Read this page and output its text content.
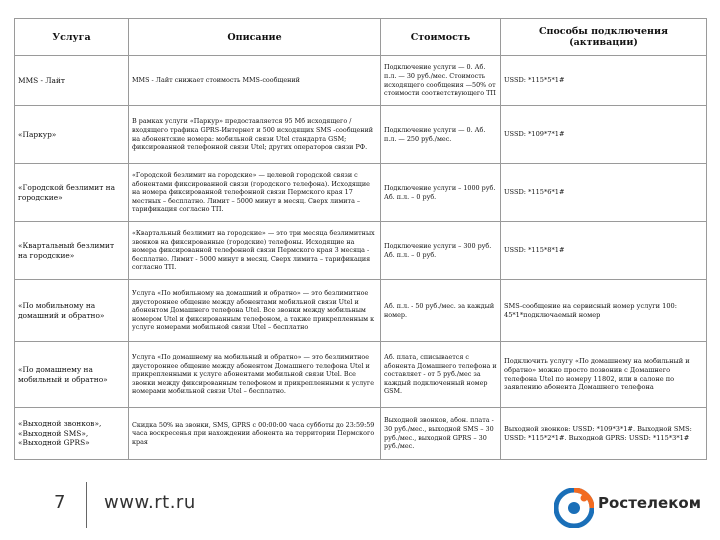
Услуга	Описание	Стоимость	Способы подключения (активации)
MMS - Лайт	MMS - Лайт снижает стоимость MMS-сообщений	Подключение услуги — 0. Аб. п.л. — 30 руб./мес. Стоимость исходящего сообщения —50% от стоимости соответствующего ТП	USSD: *115*5*1#
«Паркур»	В рамках услуги «Паркур» предоставляется 95 Мб исходящего / входящего трафика GPRS-Интернет и 500 исходящих SMS -сообщений на абонентские номера: мобильной связи Utel стандарта GSM; фиксированной телефонной связи Utel; других операторов связи РФ.	Подключение услуги — 0. Аб. п.л. — 250 руб./мес.	USSD: *109*7*1#
«Городской безлимит на городские»	«Городской безлимит на городские» — целевой городской связи с абонентами фиксированной связи (городского телефона). Исходящие на номера фиксированной телефонной связи Пермского края 17 местных – бесплатно. Лимит – 5000 минут в месяц. Сверх лимита – тарификация согласно ТП.	Подключение услуги – 1000 руб. Аб. п.л. – 0 руб.	USSD: *115*6*1#
«Квартальный безлимит на городские»	«Квартальный безлимит на городские» — это три месяца безлимитных звонков на фиксированные (городские) телефоны. Исходящие на номера фиксированной телефонной связи Пермского края 3 месяца - бесплатно. Лимит - 5000 минут в месяц. Сверх лимита – тарификация согласно ТП.	Подключение услуги – 300 руб. Аб. п.л. – 0 руб.	USSD: *115*8*1#
«По мобильному на домашний и обратно»	Услуга «По мобильному на домашний и обратно» — это безлимитное двустороннее общение между абонентами мобильной связи Utel и абонентом Домашнего телефона Utel. Все звонки между мобильным номером Utel и фиксированным телефоном, а также прикрепленным к услуге номерами мобильной связи Utel – бесплатно	Аб. п.л. - 50 руб./мес. за каждый номер.	SMS-сообщение на сервисный номер услуги 100: 45*1*подключаемый номер
«По домашнему на мобильный и обратно»	Услуга «По домашнему на мобильный и обратно» — это безлимитное двустороннее общение между абонентом Домашнего телефона Utel и прикрепленными к услуге абонентами мобильной связи Utel. Все звонки между фиксированным телефоном и прикрепленными к услуге номерами мобильной связи Utel – бесплатно.	Аб. плата, списывается с абонента Домашнего телефона и составляет - от 5 руб./мес за каждый подключенный номер GSM.	Подключить услугу «По домашнему на мобильный и обратно» можно просто позвонив с Домашнего телефона Utel по номеру 11802, или в салоне по заявлению абонента Домашнего телефона
«Выходной звонков», «Выходной SMS», «Выходной GPRS»	Скидка 50% на звонки, SMS, GPRS с 00:00:00 часа субботы до 23:59:59 часа воскресенья при нахождении абонента на территории Пермского края	Выходной звонков, абон. плата - 30 руб./мес., выходной SMS – 30 руб./мес., выходной GPRS – 30 руб./мес.	Выходной звонков: USSD: *109*3*1#. Выходной SMS: USSD: *115*2*1#. Выходной GPRS: USSD: *115*3*1#
7 www.rt.ru	Ростелеком
